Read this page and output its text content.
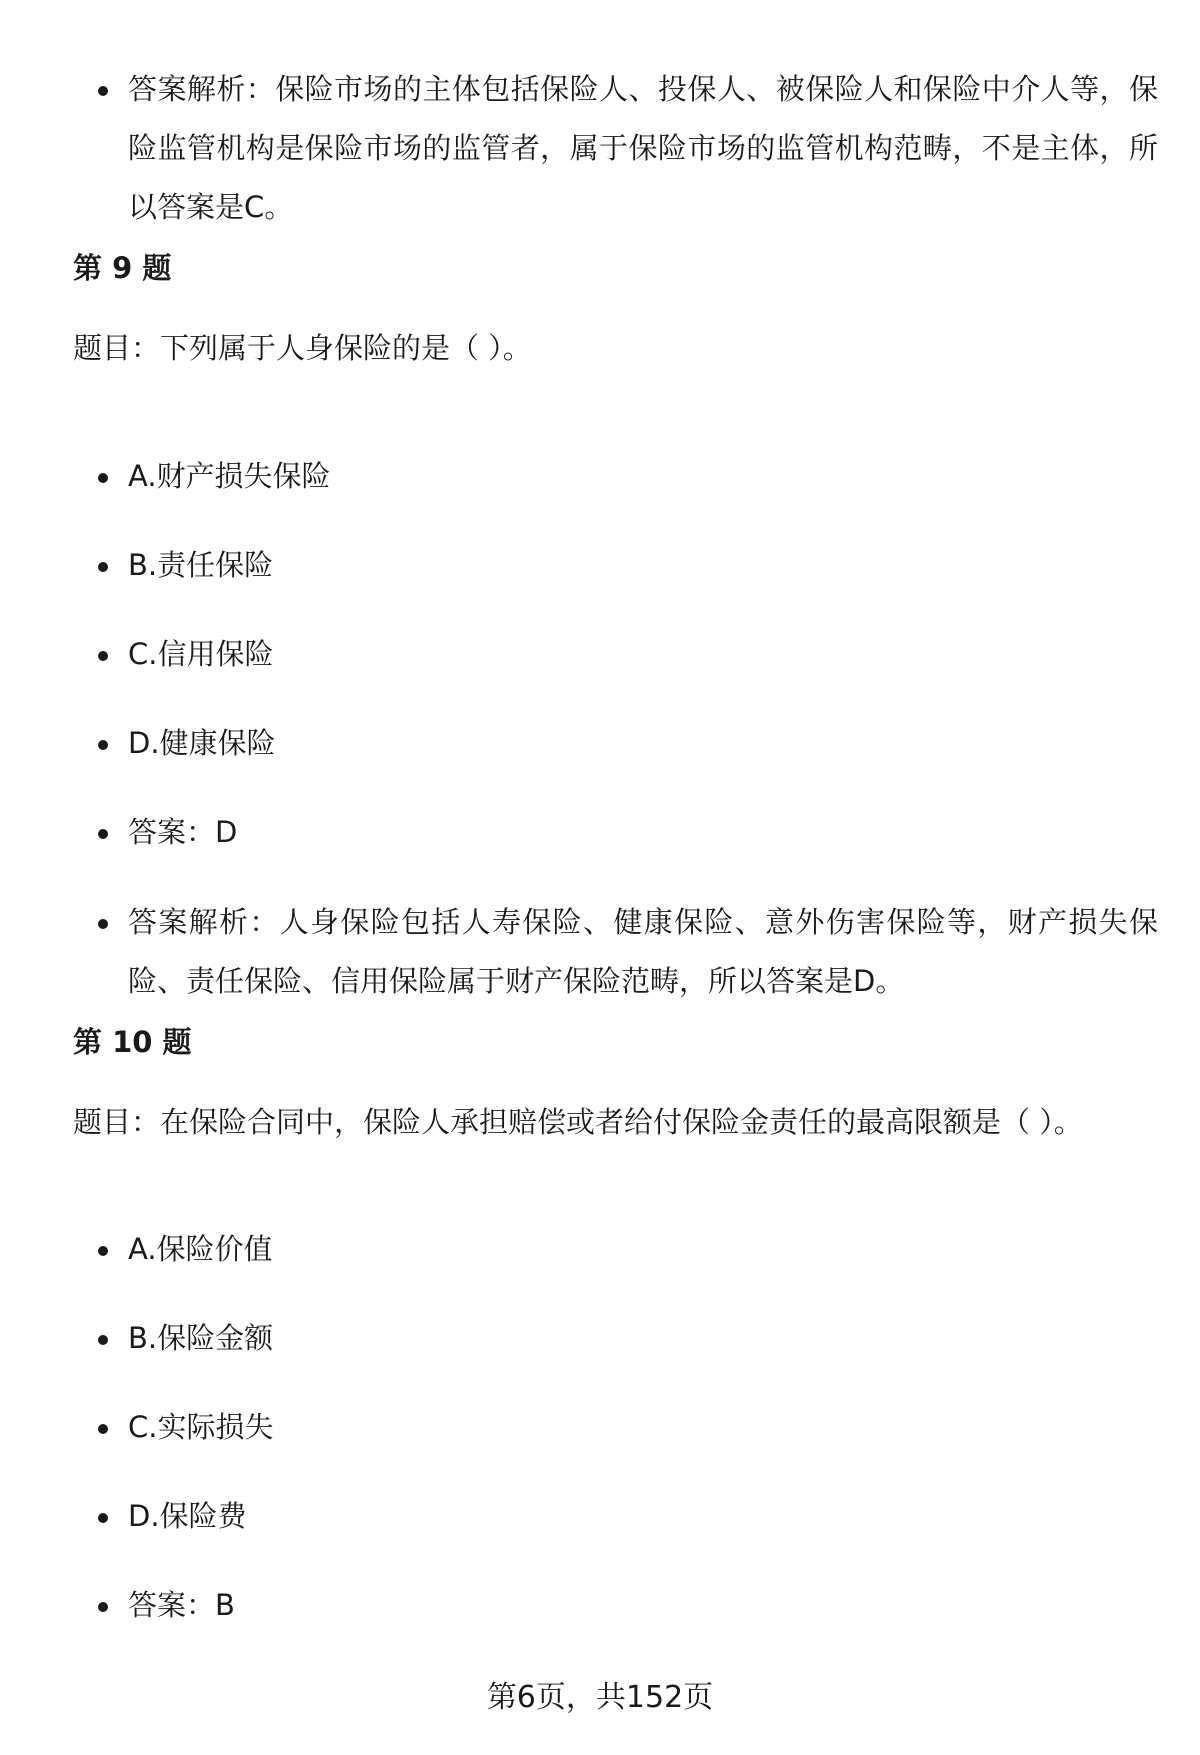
答案解析：保险市场的主体包括保险人、投保人、被保险人和保险中介人等，保险监管机构是保险市场的监管者，属于保险市场的监管机构范畴，不是主体，所以答案是C。
第 9 题
题目：下列属于人身保险的是（ ）。
A.财产损失保险
B.责任保险
C.信用保险
D.健康保险
答案：D
答案解析：人身保险包括人寿保险、健康保险、意外伤害保险等，财产损失保险、责任保险、信用保险属于财产保险范畴，所以答案是D。
第 10 题
题目：在保险合同中，保险人承担赔偿或者给付保险金责任的最高限额是（ ）。
A.保险价值
B.保险金额
C.实际损失
D.保险费
答案：B
第6页，共152页
